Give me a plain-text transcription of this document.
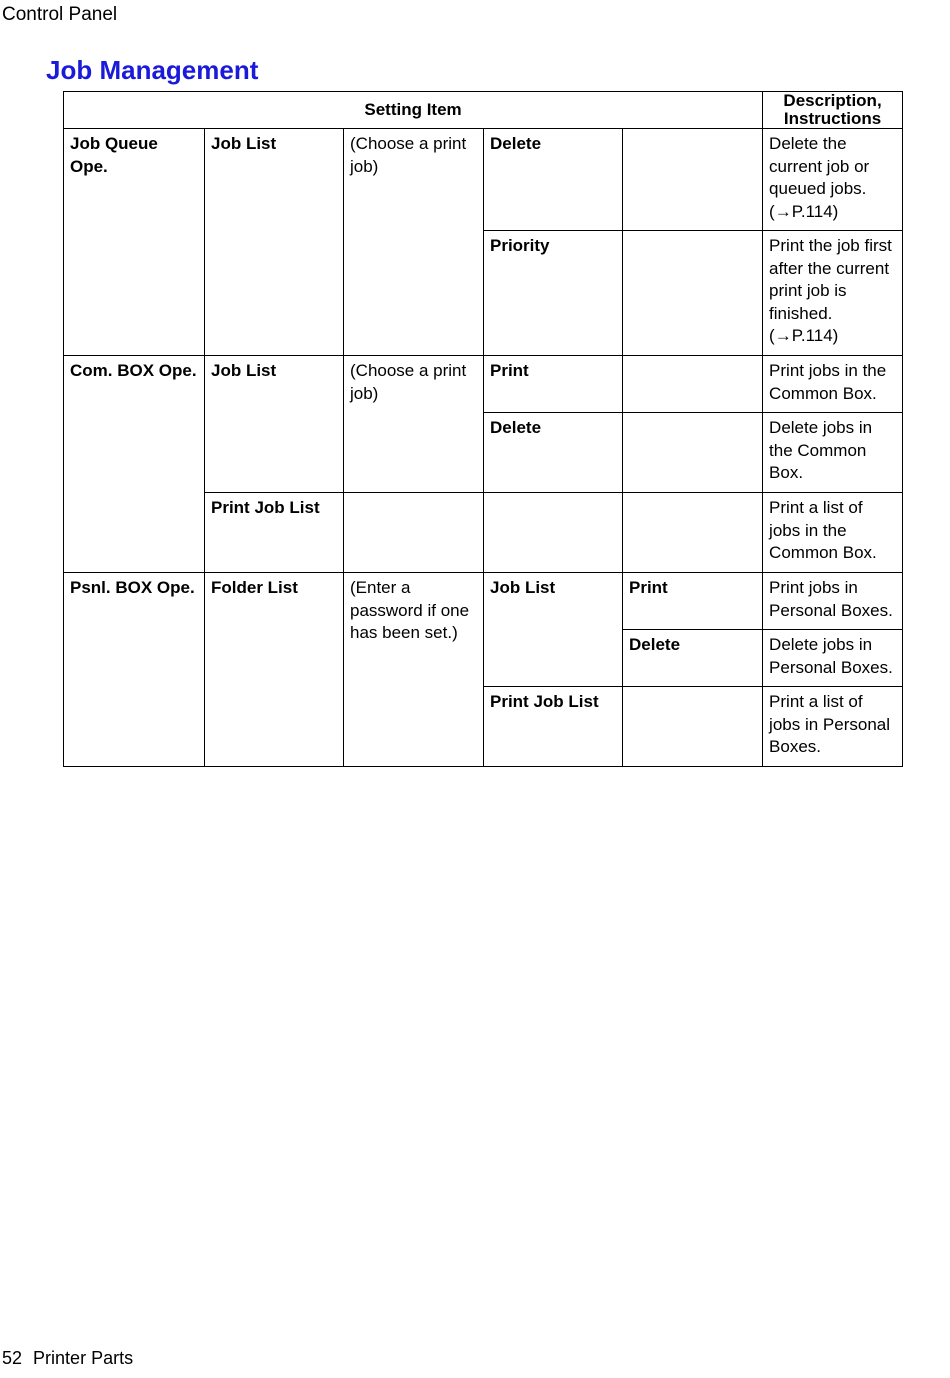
Control Panel
Job Management
Setting Item					Description, Instructions
Job Queue Ope.	Job List	(Choose a print job)	Delete		Delete the current job or queued jobs. (→P.114)
			Priority		Print the job first after the current print job is finished. (→P.114)
Com. BOX Ope.	Job List	(Choose a print job)	Print		Print jobs in the Common Box.
			Delete		Delete jobs in the Common Box.
	Print Job List				Print a list of jobs in the Common Box.
Psnl. BOX Ope.	Folder List	(Enter a password if one has been set.)	Job List	Print	Print jobs in Personal Boxes.
				Delete	Delete jobs in Personal Boxes.
			Print Job List		Print a list of jobs in Personal Boxes.
52 Printer Parts
